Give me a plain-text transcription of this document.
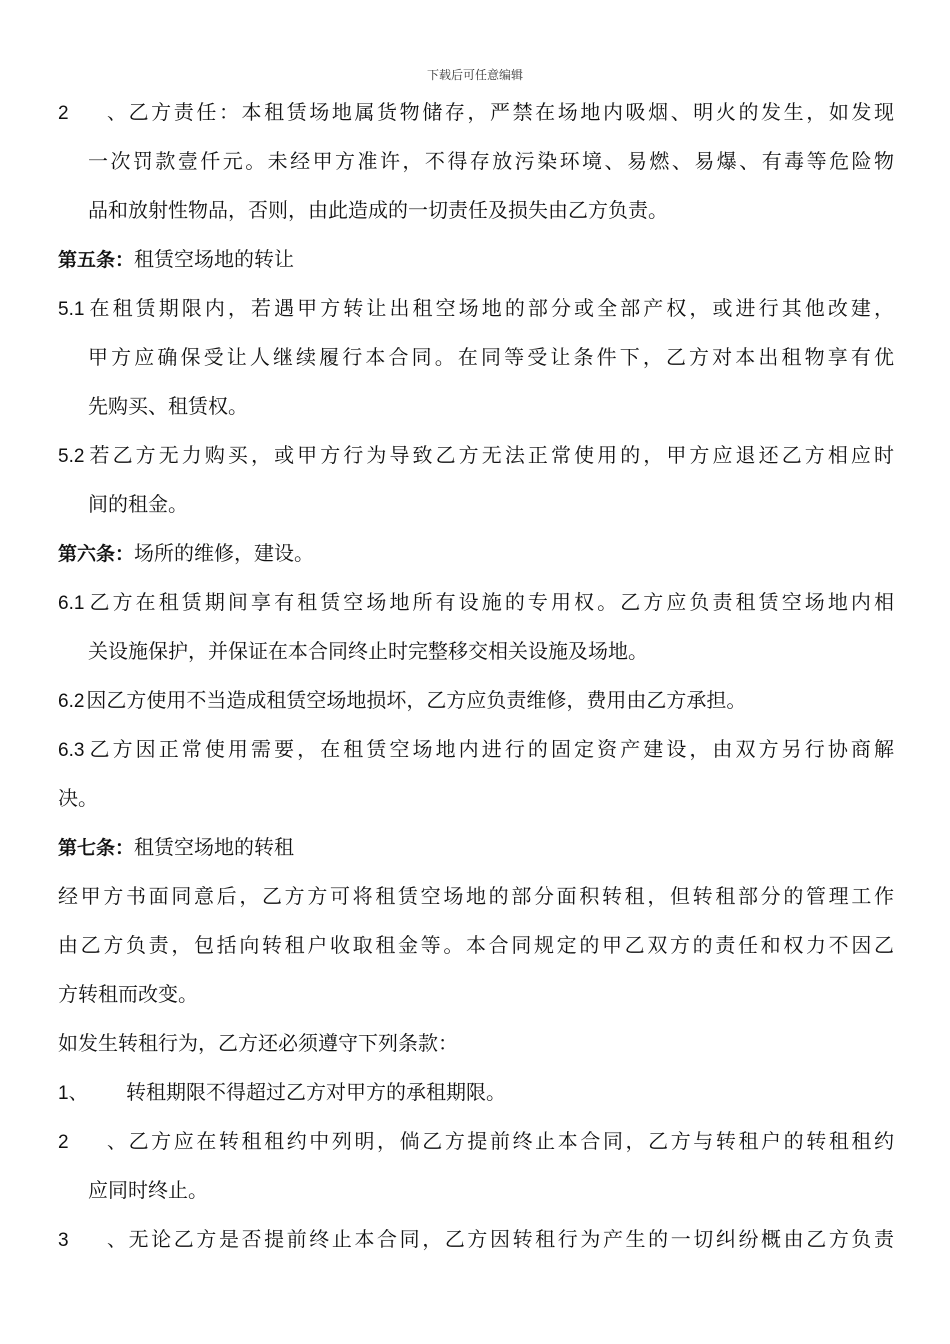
下载后可任意编辑
2、乙方责任：本租赁场地属货物储存，严禁在场地内吸烟、明火的发生，如发现
一次罚款壹仟元。未经甲方准许，不得存放污染环境、易燃、易爆、有毒等危险物
品和放射性物品，否则，由此造成的一切责任及损失由乙方负责。
第五条：租赁空场地的转让
5.1 在租赁期限内，若遇甲方转让出租空场地的部分或全部产权，或进行其他改建，
甲方应确保受让人继续履行本合同。在同等受让条件下，乙方对本出租物享有优
先购买、租赁权。
5.2 若乙方无力购买，或甲方行为导致乙方无法正常使用的，甲方应退还乙方相应时
间的租金。
第六条：场所的维修，建设。
6.1 乙方在租赁期间享有租赁空场地所有设施的专用权。乙方应负责租赁空场地内相
关设施保护，并保证在本合同终止时完整移交相关设施及场地。
6.2 因乙方使用不当造成租赁空场地损坏，乙方应负责维修，费用由乙方承担。
6.3 乙方因正常使用需要，在租赁空场地内进行的固定资产建设，由双方另行协商解
决。
第七条：租赁空场地的转租
经甲方书面同意后，乙方方可将租赁空场地的部分面积转租，但转租部分的管理工作
由乙方负责，包括向转租户收取租金等。本合同规定的甲乙双方的责任和权力不因乙
方转租而改变。
如发生转租行为，乙方还必须遵守下列条款：
1、 转租期限不得超过乙方对甲方的承租期限。
2、乙方应在转租租约中列明，倘乙方提前终止本合同，乙方与转租户的转租租约
应同时终止。
3、无论乙方是否提前终止本合同，乙方因转租行为产生的一切纠纷概由乙方负责
